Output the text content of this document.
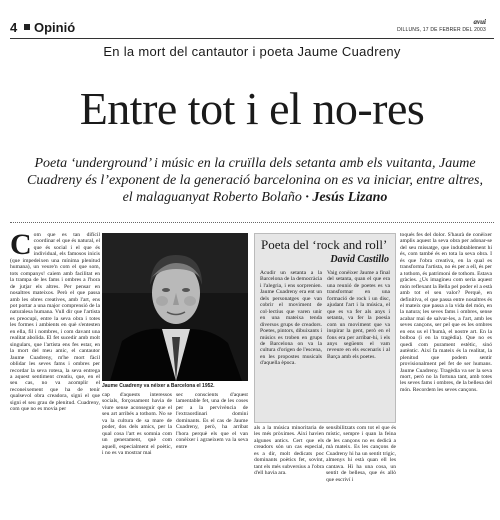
4 Opinió	avui
DILLUNS, 17 DE FEBRER DEL 2003
En la mort del cantautor i poeta Jaume Cuadreny
Entre tot i el no-res
Poeta ‘underground’ i músic en la cruïlla dels setanta amb els vuitanta, Jaume Cuadreny és l’exponent de la generació barcelonina on es va iniciar, entre altres, el malaguanyat Roberto Bolaño · Jesús Lizano
Com que es tan difícil coordinar el que és natural, el que és social i el que és individual, els famosos inicis (que impedeixen una mínima plenitud humana), un veure'n com el que som, tots companys! caiem amb facilitat en la trampa de les fams i ombres a l'hora de jutjar els altres. Per pensar en nosaltres mateixos. Però el que passa amb les obres creatives, amb l'art, ens pot portar a una major comprensió de la naturalesa humana. Vull dir que l'artista es preocupi, entre la seva obra i totes les formes i ambients en què s'entesten en ella, fil i nombres, i com davant una realitat abolida. El fet sucedir amb molt singulars, que l'artista ens fes estar, en la mort del meu amic, el cantautor Jaume Cuadreny, m'he mort fàcil oblidar les seves fams i ombres per recordar la seva rotesa, la seva entrega a aquest sentiment creatiu, que, en el seu cas, no va acomplir el reconeixement que ha de tenir qualsevol obra creadora, signi el que signi el seu grau de plenitud. Cuadreny, com que no es movia per
Jaume Cuadreny va néixer a Barcelona el 1952.
cap d'aquests interessos socials, forçosament havia de viure sense aconseguir que el seu art arribés a tothom. No se va la cultura de sa mare de poder, dos dels amics, per la qual cosa l'art es somnia com un generament, què com aquell, especialment el poètic, i no es va mostrar mai
sec conscients d'aquest lamentable fet, una de les coses per a la pervivència de l'extraordinari domini dominants. Es el cas de Jaume Cuadreny, però, ha arribat l'hora perquè els que el van conèixer i agraeixem va la seva entre
Poeta del ‘rock and roll’
David Castillo
Acudir un setanta a la Barcelona de la democràcia i l'alegria, i ens sorprenien. Jaume Cuadreny era ent un dels personatges que van cobrir el moviment de col·lectius que varen unir en una mateixa tenda diversos grups de creadors. Poetes, pintors, dibuixants i músics es troben en grups de Barcelona on va la cultura d'origen de l'escena, en les propostes musicals d'aquella època.
Vaig conèixer Jaume a final del setanta, quan el que era una reunió de poetes es va transformar en una formació de rock i un disc, ajudant l'art i la música, el que es va fer als anys i setanta, va fer la poesia com un moviment que va inspirar la gent, però en el fons era per arribar-hi, i els anys següents el vam reveure en els escenaris i al Barça amb els poetes.
als a la música minoritaria de les més pròximes. Així havien algunes antics. Cert que els creadors són un cas especial, es a dir, molt dedicats poc dominants poètics fet, sovint, tant els més subversius a l'obra d'ell havia ara.
sensibilitzats com tot el que és místic, sempre i quan la feina de les cançons no es dedicà a mà mateix. Es les cançons de Cuadreny hi ha un sentit trigic, almenys hi està quan ell les cantava. Hi ha una cosa, un sentit de bellesa, que és allò que escriví i
toqués fes del dolor. S'haurà de conèixer amplis aquest la seva obra per adonar-se del seu missatge, que indubtablement hi és, com també és en tota la seva obra. I és que l'obra creativa, en la qual es transforma l'artista, no és per a ell, és per a tothom, és patrimoni de tothom. Estava gràcies. ¿Us imagineu com seria aquest món reflexant la Bella pel poder el a està amb tot el seu valor? Perquè, en definitiva, el que passa entre nosaltres és el mateix que passa a la vida del món, en la natura; les seves fams i ombres, sense acabar mai de salvar-les, a l'art, amb les seves cançons, ser pel que es les ombres en ens us el l'humà, el nostre art. En la bolboa (i en la tragèdia). Que no es quedi com purament estètic, sinó autèntic. Així fa mateix és la realitat, la plenitud que podem sentir provisionalment pel fet de ser humans. Jaume Cuadreny. Tragèdia va ser la seva mort, però no la fortuna tant, amb totes les seves fams i ombres, de la bellesa del món. Recordem les seves cançons.
